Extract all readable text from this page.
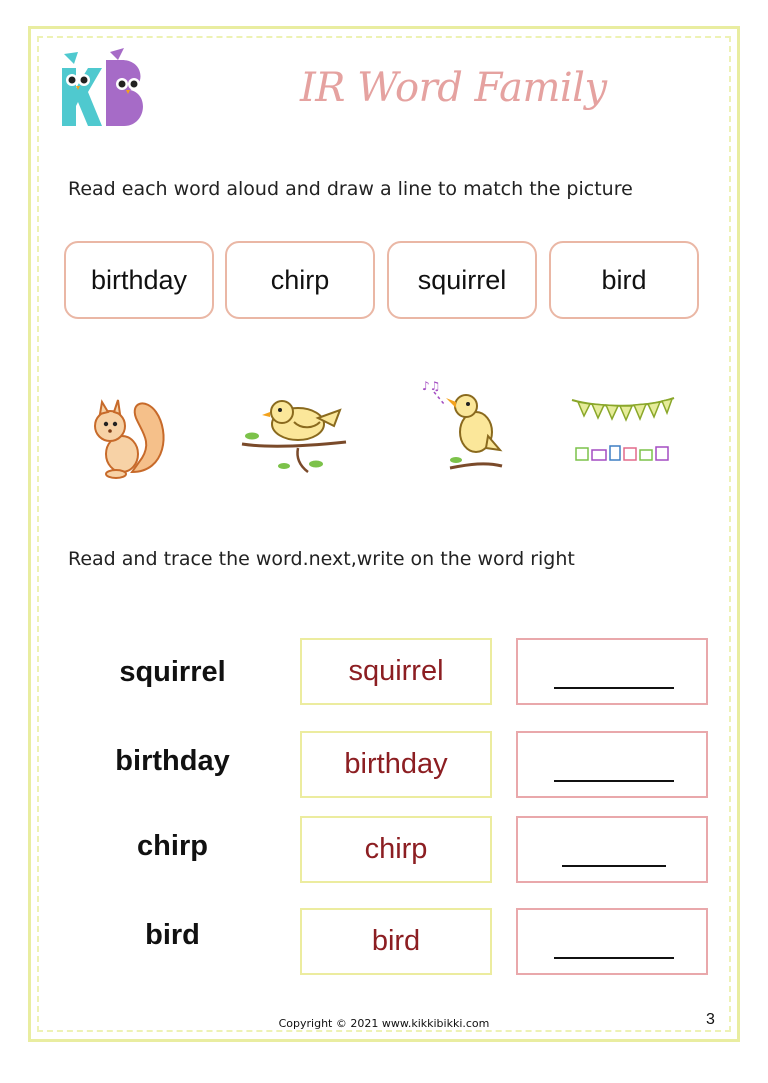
IR Word Family
Read each word aloud and draw a line to match the picture
birthday	chirp	squirrel	bird
♪♫
Read and trace the word.next,write on the word right
squirrel	squirrel
birthday	birthday
chirp	chirp
bird	bird
Copyright © 2021 www.kikkibikki.com	3
